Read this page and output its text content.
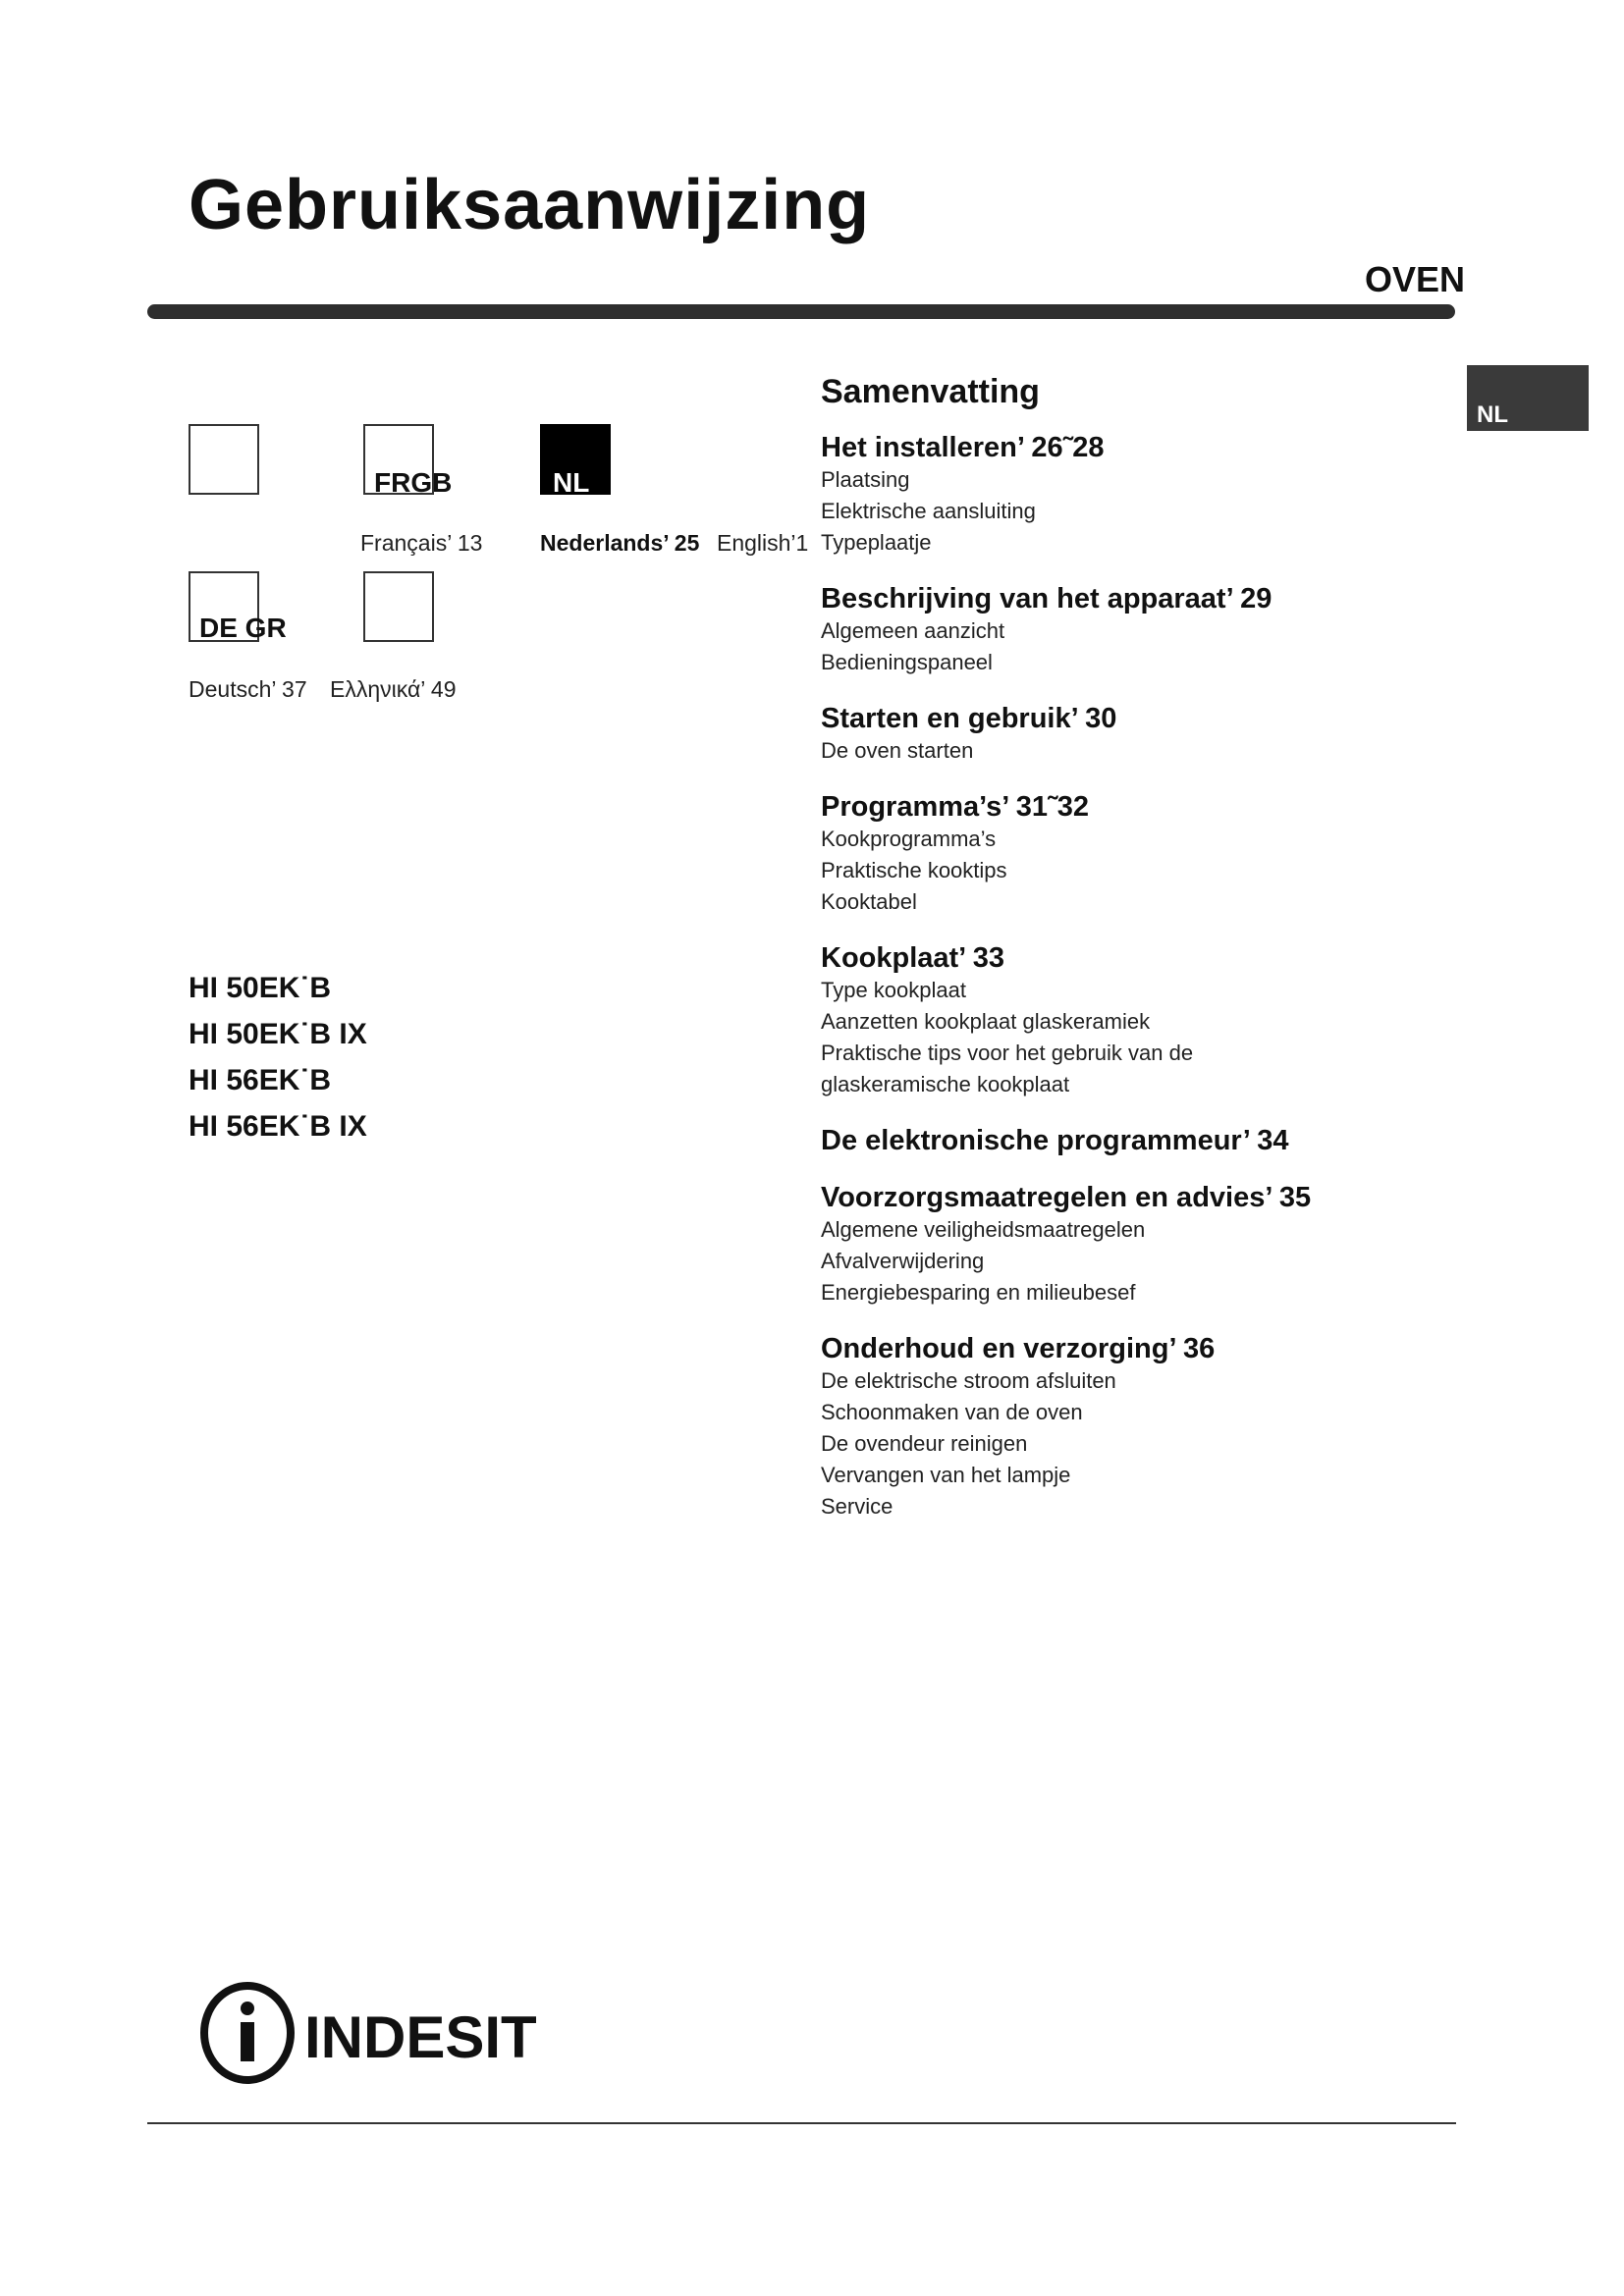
Gebruiksaanwijzing
OVEN
NL
FRGB	NL
Français’ 13	Nederlands’ 25 English’1
DE GR
Deutsch’ 37 Ελληνικά’ 49
HI 50EK˙B
HI 50EK˙B IX
HI 56EK˙B
HI 56EK˙B IX
Samenvatting
Het installeren’ 26˜28
Plaatsing
Elektrische aansluiting
Typeplaatje
Beschrijving van het apparaat’ 29
Algemeen aanzicht
Bedieningspaneel
Starten en gebruik’ 30
De oven starten
Programma’s’ 31˜32
Kookprogramma’s
Praktische kooktips
Kooktabel
Kookplaat’ 33
Type kookplaat
Aanzetten kookplaat glaskeramiek
Praktische tips voor het gebruik van de
glaskeramische kookplaat
De elektronische programmeur’ 34
Voorzorgsmaatregelen en advies’ 35
Algemene veiligheidsmaatregelen
Afvalverwijdering
Energiebesparing en milieubesef
Onderhoud en verzorging’ 36
De elektrische stroom afsluiten
Schoonmaken van de oven
De ovendeur reinigen
Vervangen van het lampje
Service
INDESIT
